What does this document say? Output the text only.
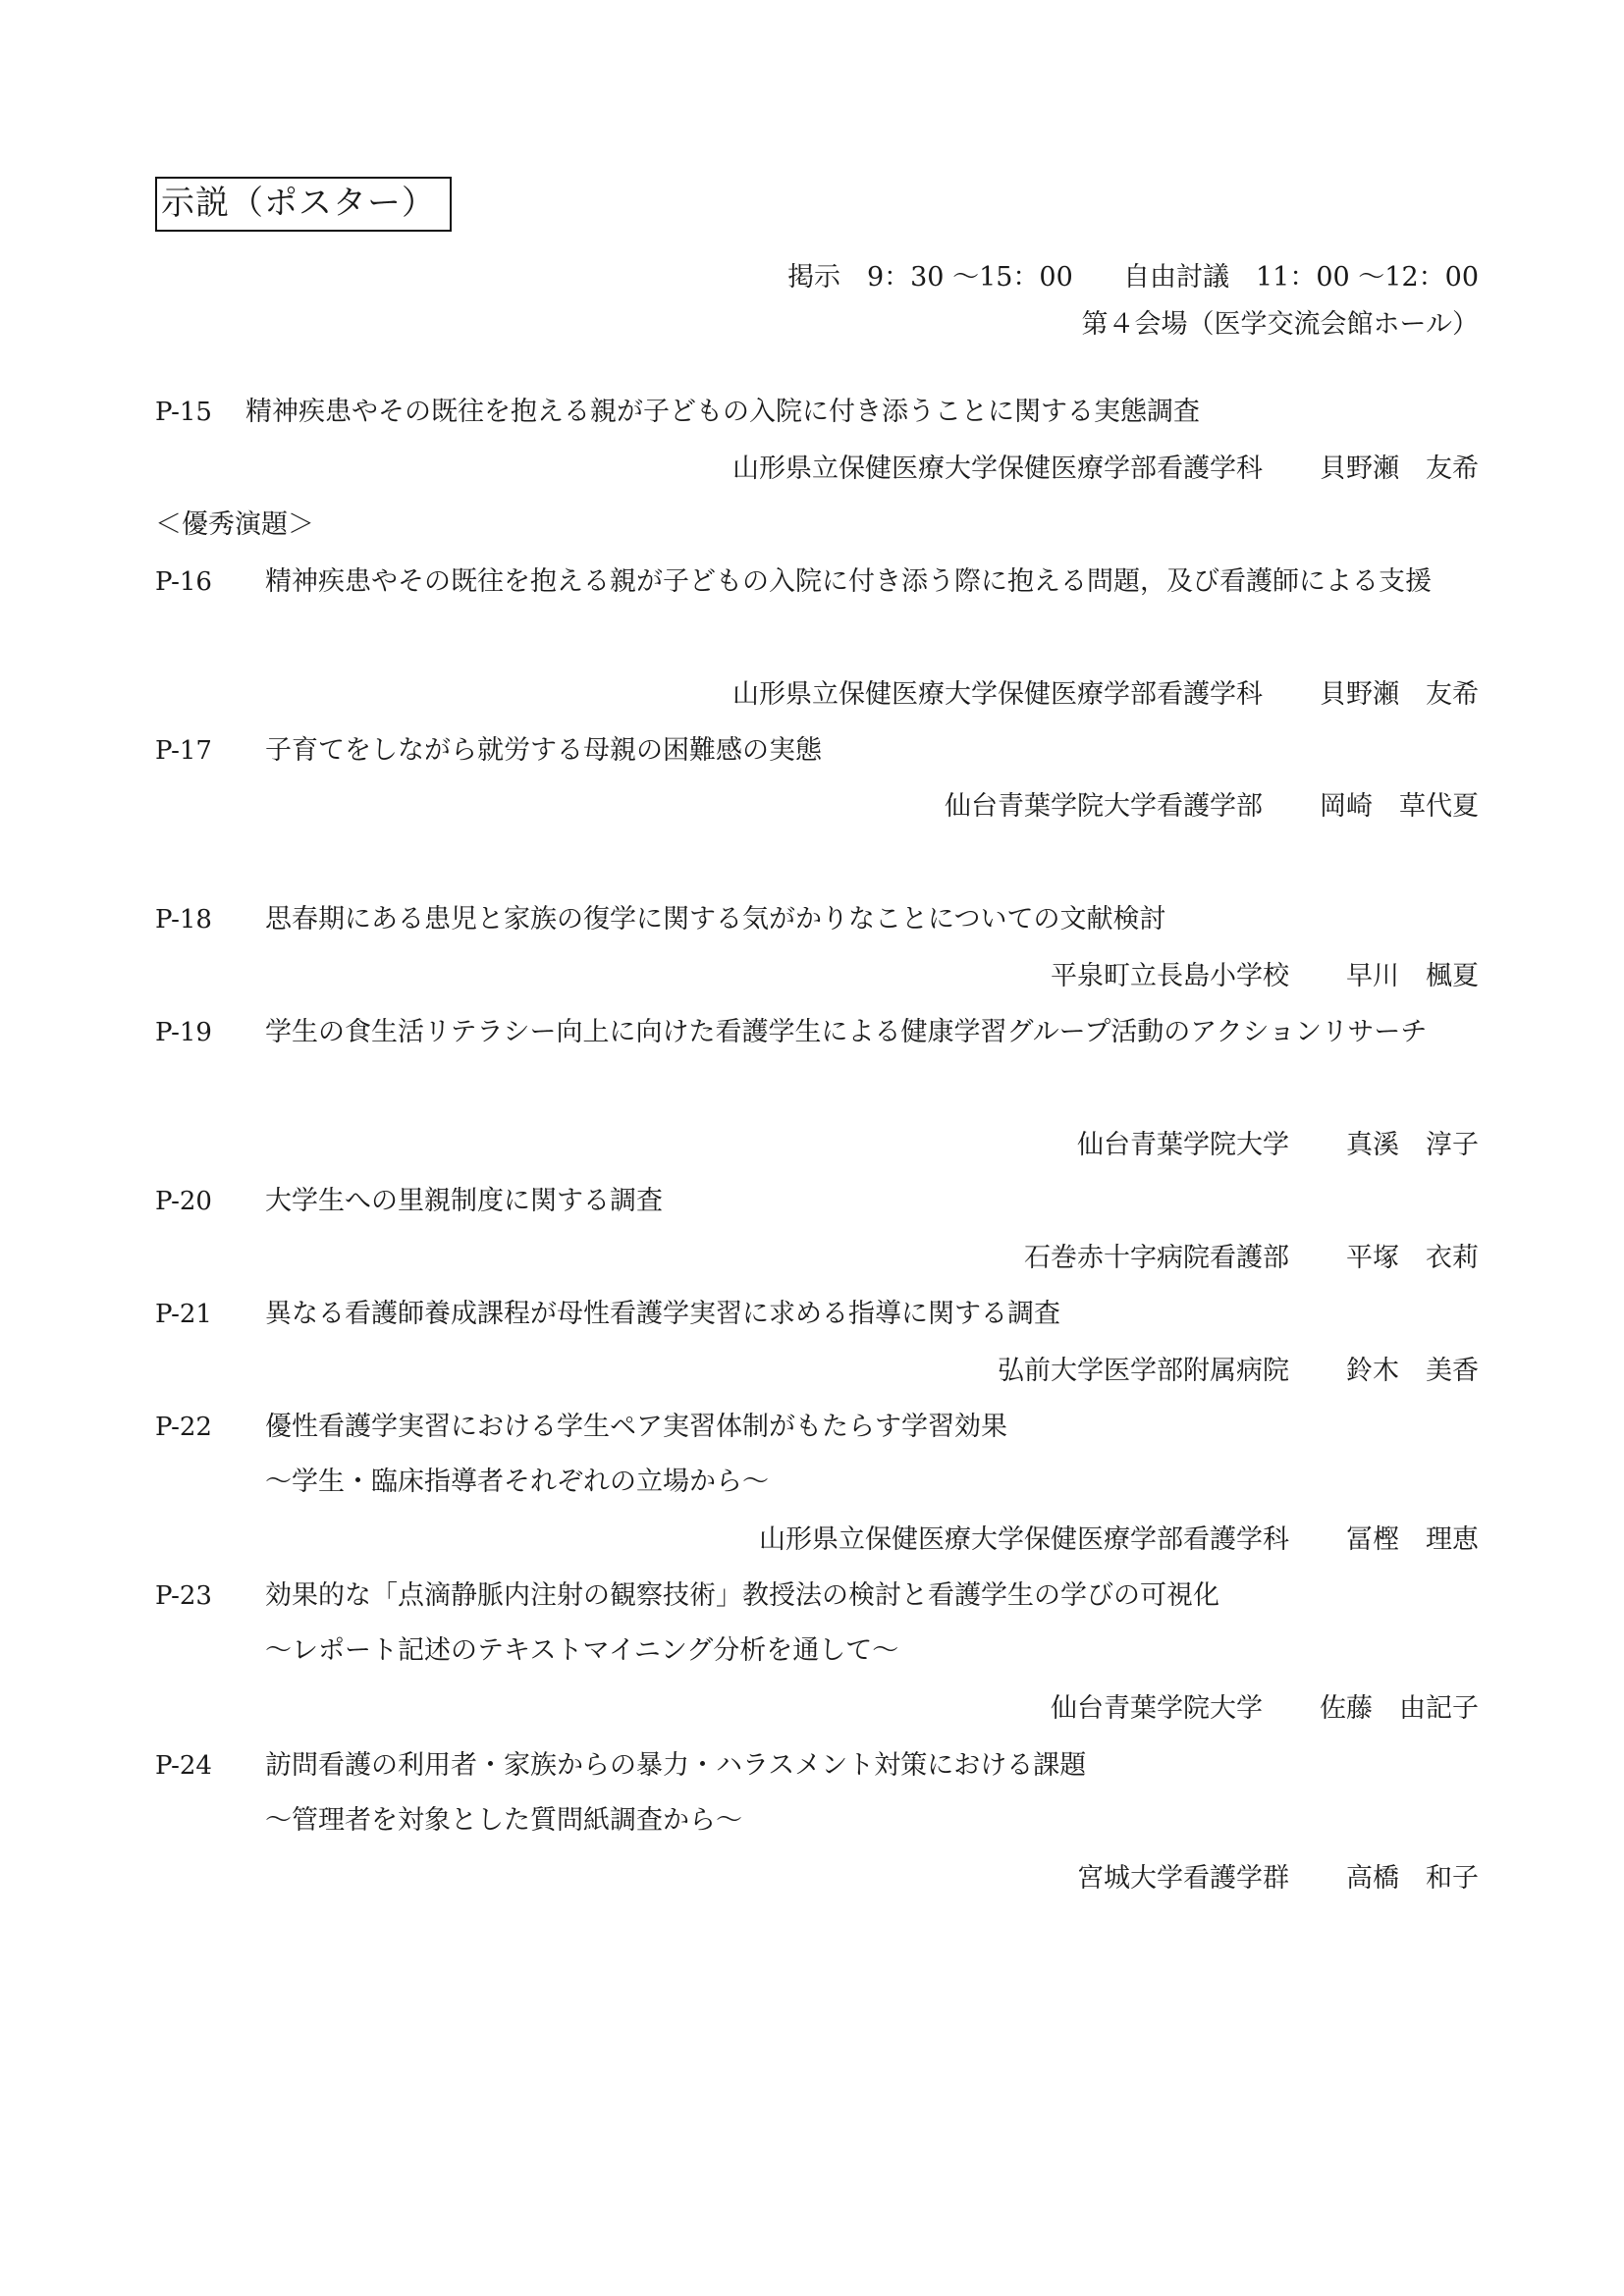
示説（ポスター）
掲示　9：30 〜15：00 自由討議　11：00 〜12：00
第４会場（医学交流会館ホール）
P-15 精神疾患やその既往を抱える親が子どもの入院に付き添うことに関する実態調査
山形県立保健医療大学保健医療学部看護学科 貝野瀬　友希
＜優秀演題＞
P-16 精神疾患やその既往を抱える親が子どもの入院に付き添う際に抱える問題，及び看護師による支援
山形県立保健医療大学保健医療学部看護学科 貝野瀬　友希
P-17 子育てをしながら就労する母親の困難感の実態
仙台青葉学院大学看護学部 岡崎　草代夏
P-18 思春期にある患児と家族の復学に関する気がかりなことについての文献検討
平泉町立長島小学校 早川　楓夏
P-19 学生の食生活リテラシー向上に向けた看護学生による健康学習グループ活動のアクションリサーチ
仙台青葉学院大学 真溪　淳子
P-20 大学生への里親制度に関する調査
石巻赤十字病院看護部 平塚　衣莉
P-21 異なる看護師養成課程が母性看護学実習に求める指導に関する調査
弘前大学医学部附属病院 鈴木　美香
P-22 優性看護学実習における学生ペア実習体制がもたらす学習効果
〜学生・臨床指導者それぞれの立場から〜
山形県立保健医療大学保健医療学部看護学科 冨樫　理恵
P-23 効果的な「点滴静脈内注射の観察技術」教授法の検討と看護学生の学びの可視化
〜レポート記述のテキストマイニング分析を通して〜
仙台青葉学院大学 佐藤　由記子
P-24 訪問看護の利用者・家族からの暴力・ハラスメント対策における課題
〜管理者を対象とした質問紙調査から〜
宮城大学看護学群 高橋　和子
